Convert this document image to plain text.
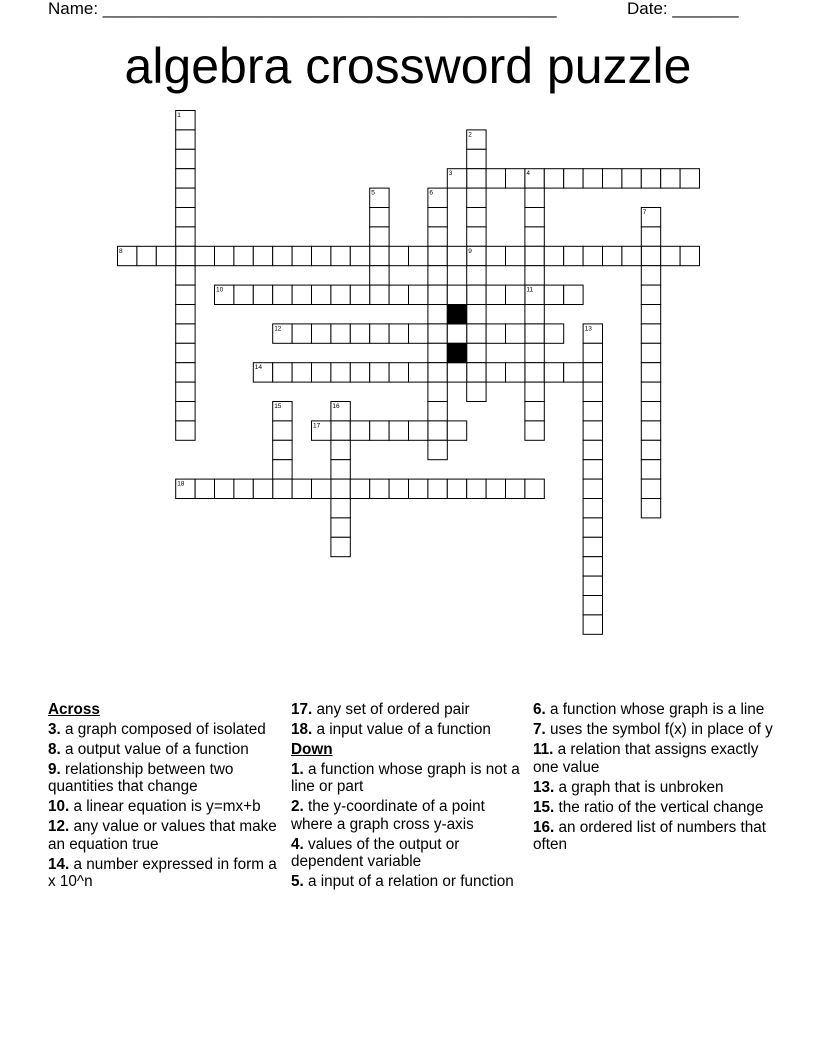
Name: ________________________________________________	Date: _______
algebra crossword puzzle
1
2
3	4
5	6
7
8	9
10	11
12	13
14
15	16
17
18
Across
3. a graph composed of isolated
8. a output value of a function
9. relationship between two quantities that change
10. a linear equation is y=mx+b
12. any value or values that make an equation true
14. a number expressed in form a x 10^n
17. any set of ordered pair
18. a input value of a function
Down
1. a function whose graph is not a line or part
2. the y-coordinate of a point where a graph cross y-axis
4. values of the output or dependent variable
5. a input of a relation or function
6. a function whose graph is a line
7. uses the symbol f(x) in place of y
11. a relation that assigns exactly one value
13. a graph that is unbroken
15. the ratio of the vertical change
16. an ordered list of numbers that often
